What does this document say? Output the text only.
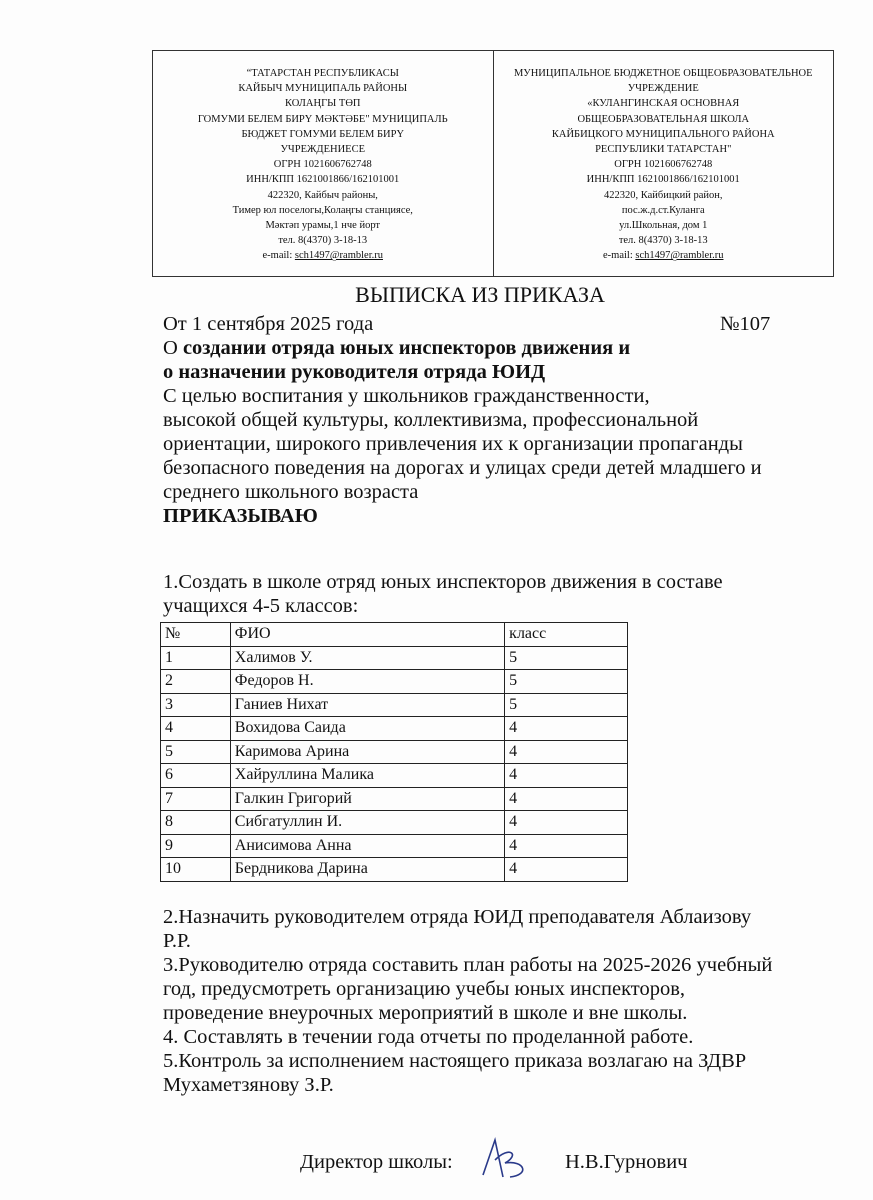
“ТАТАРСТАН РЕСПУБЛИКАСЫ
КАЙБЫЧ МУНИЦИПАЛЬ РАЙОНЫ
КОЛАҢГЫ ТӨП
ГОМУМИ БЕЛЕМ БИРҮ МӘКТӘБЕ" МУНИЦИПАЛЬ
БЮДЖЕТ ГОМУМИ БЕЛЕМ БИРҮ
УЧРЕЖДЕНИЕСЕ
ОГРН 1021606762748
ИНН/КПП 1621001866/162101001
422320, Кайбыч районы,
Тимер юл поселогы,Колаңгы станциясе,
Мәктәп урамы,1 нче йорт
тел. 8(4370) 3-18-13
e-mail: sch1497@rambler.ru
МУНИЦИПАЛЬНОЕ БЮДЖЕТНОЕ ОБЩЕОБРАЗОВАТЕЛЬНОЕ
УЧРЕЖДЕНИЕ
«КУЛАНГИНСКАЯ ОСНОВНАЯ
ОБЩЕОБРАЗОВАТЕЛЬНАЯ ШКОЛА
КАЙБИЦКОГО МУНИЦИПАЛЬНОГО РАЙОНА
РЕСПУБЛИКИ ТАТАРСТАН"
ОГРН 1021606762748
ИНН/КПП 1621001866/162101001
422320, Кайбицкий район,
пос.ж.д.ст.Куланга
ул.Школьная, дом 1
тел. 8(4370) 3-18-13
e-mail: sch1497@rambler.ru
ВЫПИСКА ИЗ ПРИКАЗА
От 1 сентября 2025 года	№107
О создании отряда юных инспекторов движения и
о назначении руководителя отряда ЮИД
С целью воспитания у школьников гражданственности,
высокой общей культуры, коллективизма, профессиональной
ориентации, широкого привлечения их к организации пропаганды
безопасного поведения на дорогах и улицах среди детей младшего и
среднего школьного возраста
ПРИКАЗЫВАЮ
1.Создать в школе отряд юных инспекторов движения в составе
учащихся 4-5 классов:
№	ФИО	класс
1	Халимов У.	5
2	Федоров Н.	5
3	Ганиев Нихат	5
4	Вохидова Саида	4
5	Каримова Арина	4
6	Хайруллина Малика	4
7	Галкин Григорий	4
8	Сибгатуллин И.	4
9	Анисимова Анна	4
10	Бердникова Дарина	4
2.Назначить руководителем отряда ЮИД преподавателя Аблаизову
Р.Р.
3.Руководителю отряда составить план работы на 2025-2026 учебный
год, предусмотреть организацию учебы юных инспекторов,
проведение внеурочных мероприятий в школе и вне школы.
4. Составлять в течении года отчеты по проделанной работе.
5.Контроль за исполнением настоящего приказа возлагаю на ЗДВР
Мухаметзянову З.Р.
Директор школы:	Н.В.Гурнович
